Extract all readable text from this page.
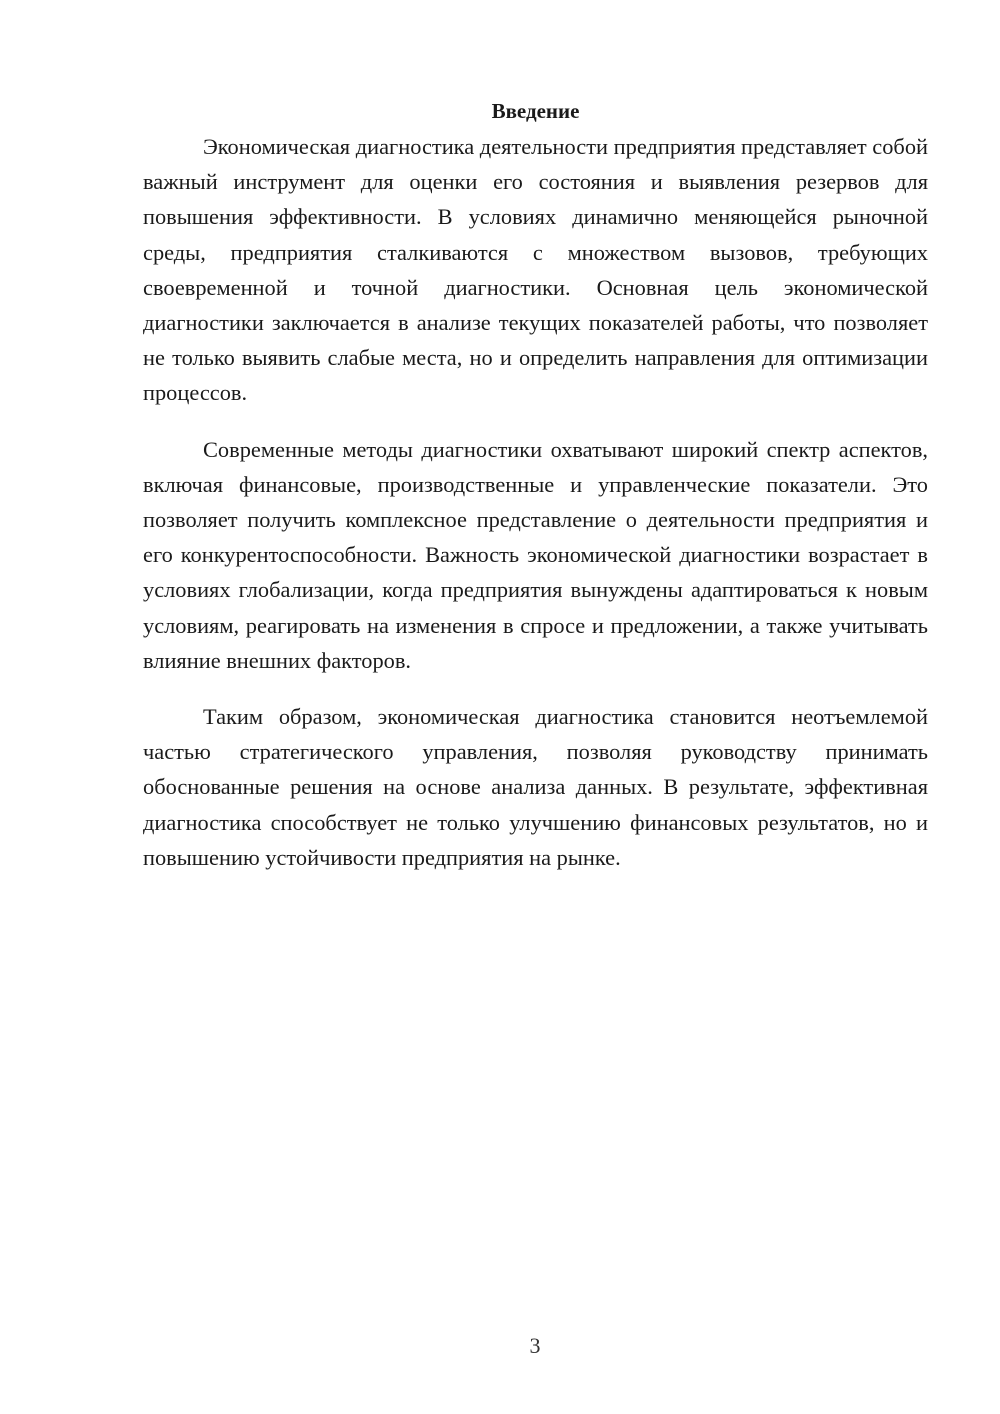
Введение

Экономическая диагностика деятельности предприятия представляет собой важный инструмент для оценки его состояния и выявления резервов для повышения эффективности. В условиях динамично меняющейся рыночной среды, предприятия сталкиваются с множеством вызовов, требующих своевременной и точной диагностики. Основная цель экономической диагностики заключается в анализе текущих показателей работы, что позволяет не только выявить слабые места, но и определить направления для оптимизации процессов.

Современные методы диагностики охватывают широкий спектр аспектов, включая финансовые, производственные и управленческие показатели. Это позволяет получить комплексное представление о деятельности предприятия и его конкурентоспособности. Важность экономической диагностики возрастает в условиях глобализации, когда предприятия вынуждены адаптироваться к новым условиям, реагировать на изменения в спросе и предложении, а также учитывать влияние внешних факторов.

Таким образом, экономическая диагностика становится неотъемлемой частью стратегического управления, позволяя руководству принимать обоснованные решения на основе анализа данных. В результате, эффективная диагностика способствует не только улучшению финансовых результатов, но и повышению устойчивости предприятия на рынке.

3
